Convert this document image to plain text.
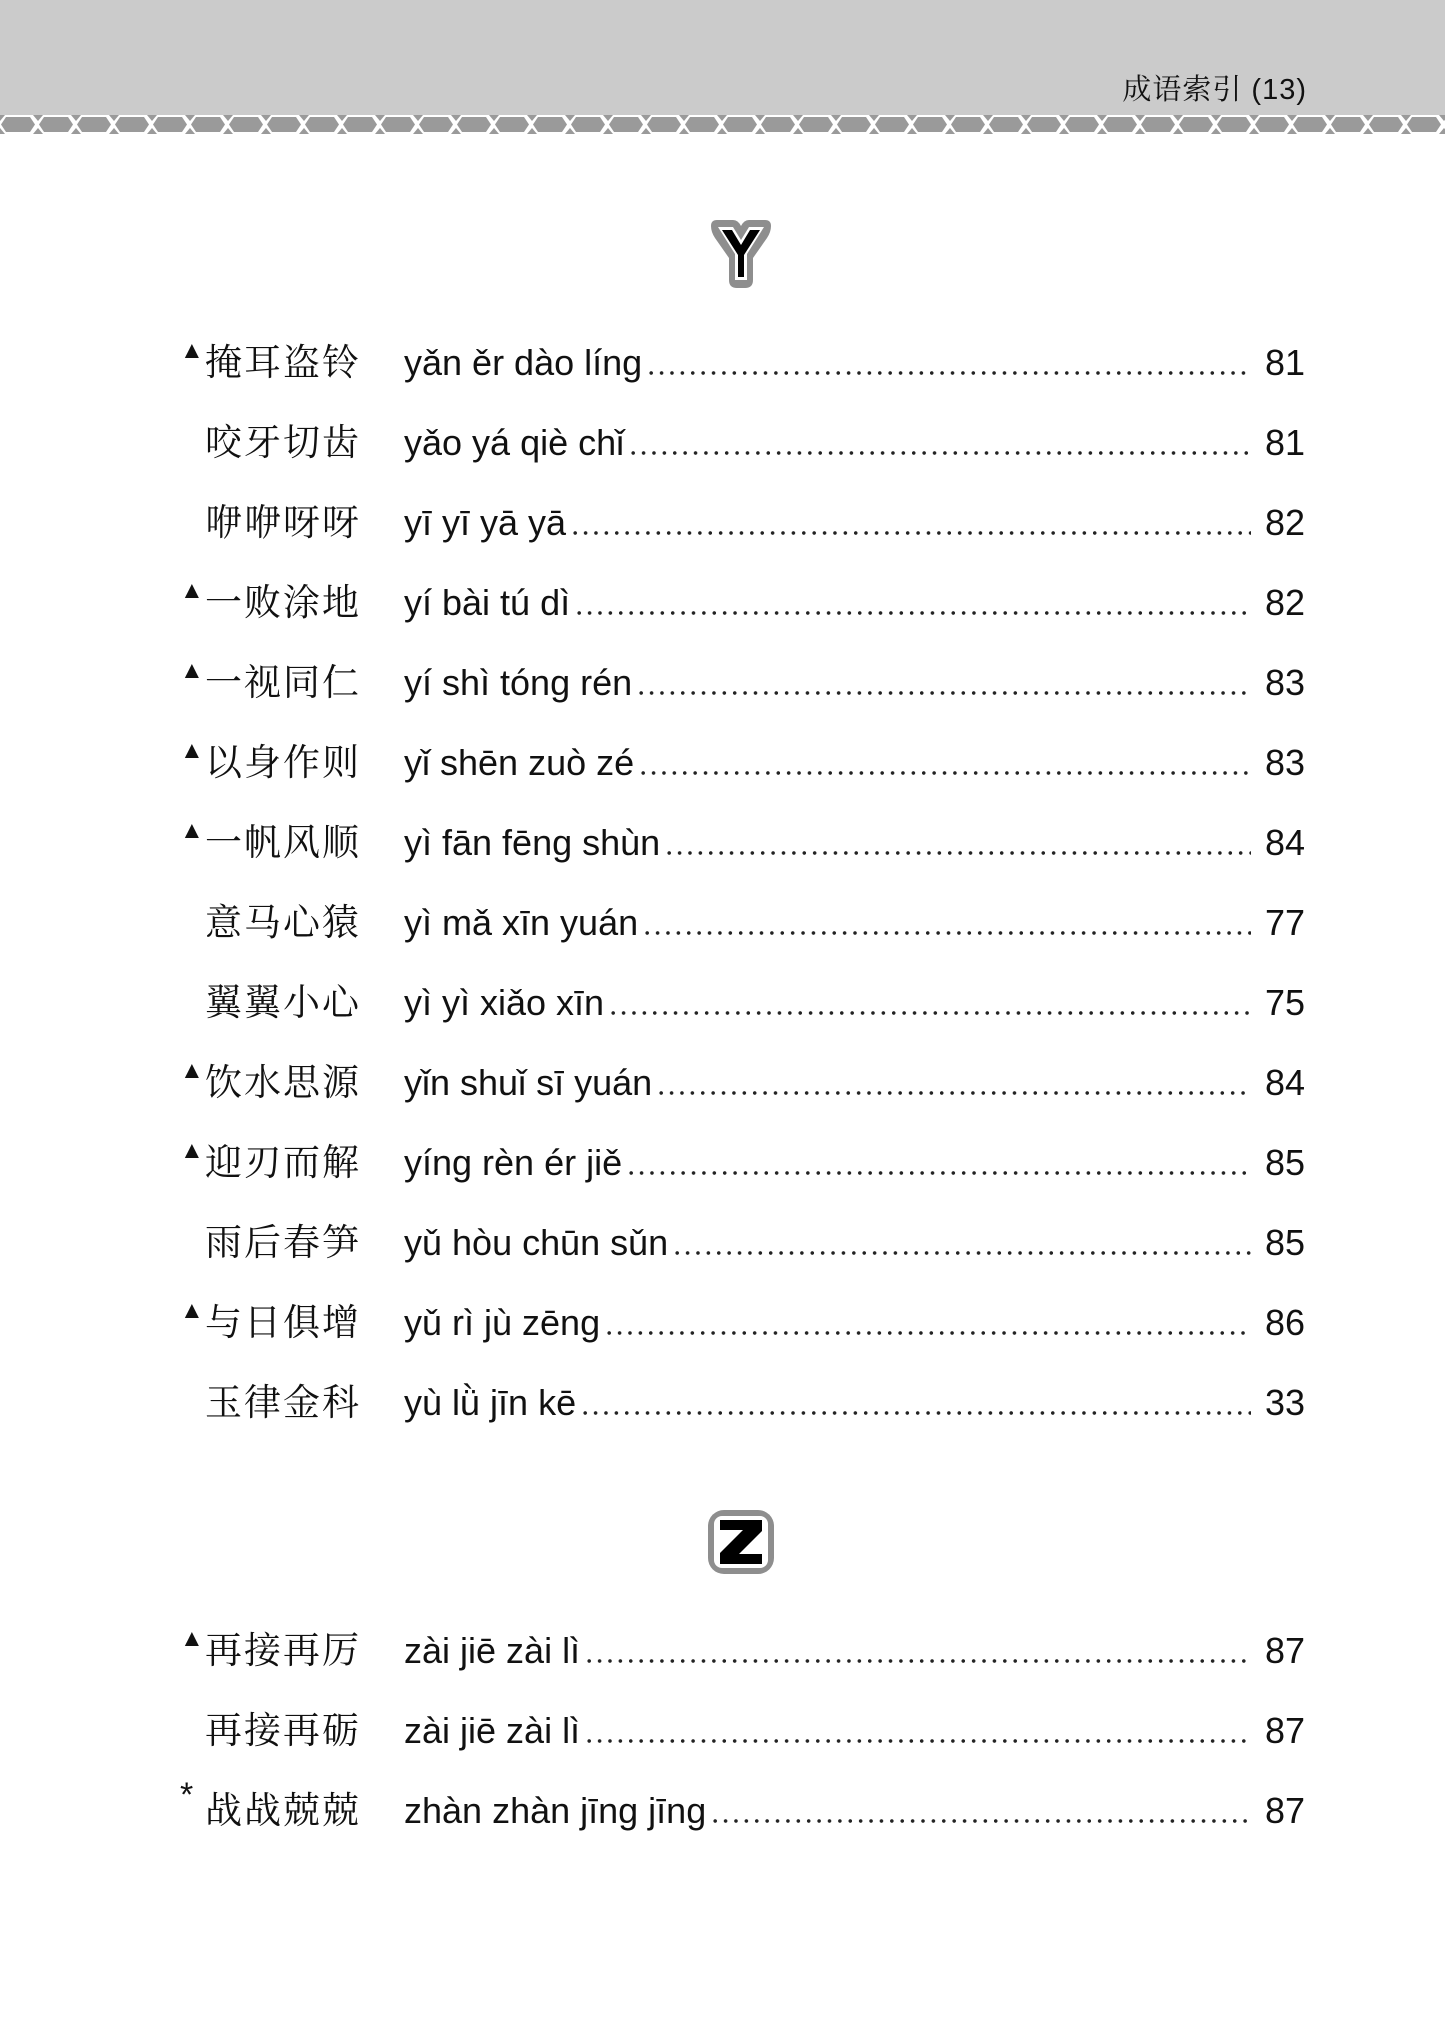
成语索引 (13)
▲ 掩耳盗铃 yǎn ěr dào líng	81
咬牙切齿 yǎo yá qiè chǐ	81
咿咿呀呀 yī yī yā yā	82
▲ 一败涂地 yí bài tú dì	82
▲ 一视同仁 yí shì tóng rén	83
▲ 以身作则 yǐ shēn zuò zé	83
▲ 一帆风顺 yì fān fēng shùn	84
意马心猿 yì mǎ xīn yuán	77
翼翼小心 yì yì xiǎo xīn	75
▲ 饮水思源 yǐn shuǐ sī yuán	84
▲ 迎刃而解 yíng rèn ér jiě	85
雨后春笋 yǔ hòu chūn sǔn	85
▲ 与日俱增 yǔ rì jù zēng	86
玉律金科 yù lǜ jīn kē	33
▲ 再接再厉 zài jiē zài lì	87
再接再砺 zài jiē zài lì	87
* 战战兢兢 zhàn zhàn jīng jīng	87
